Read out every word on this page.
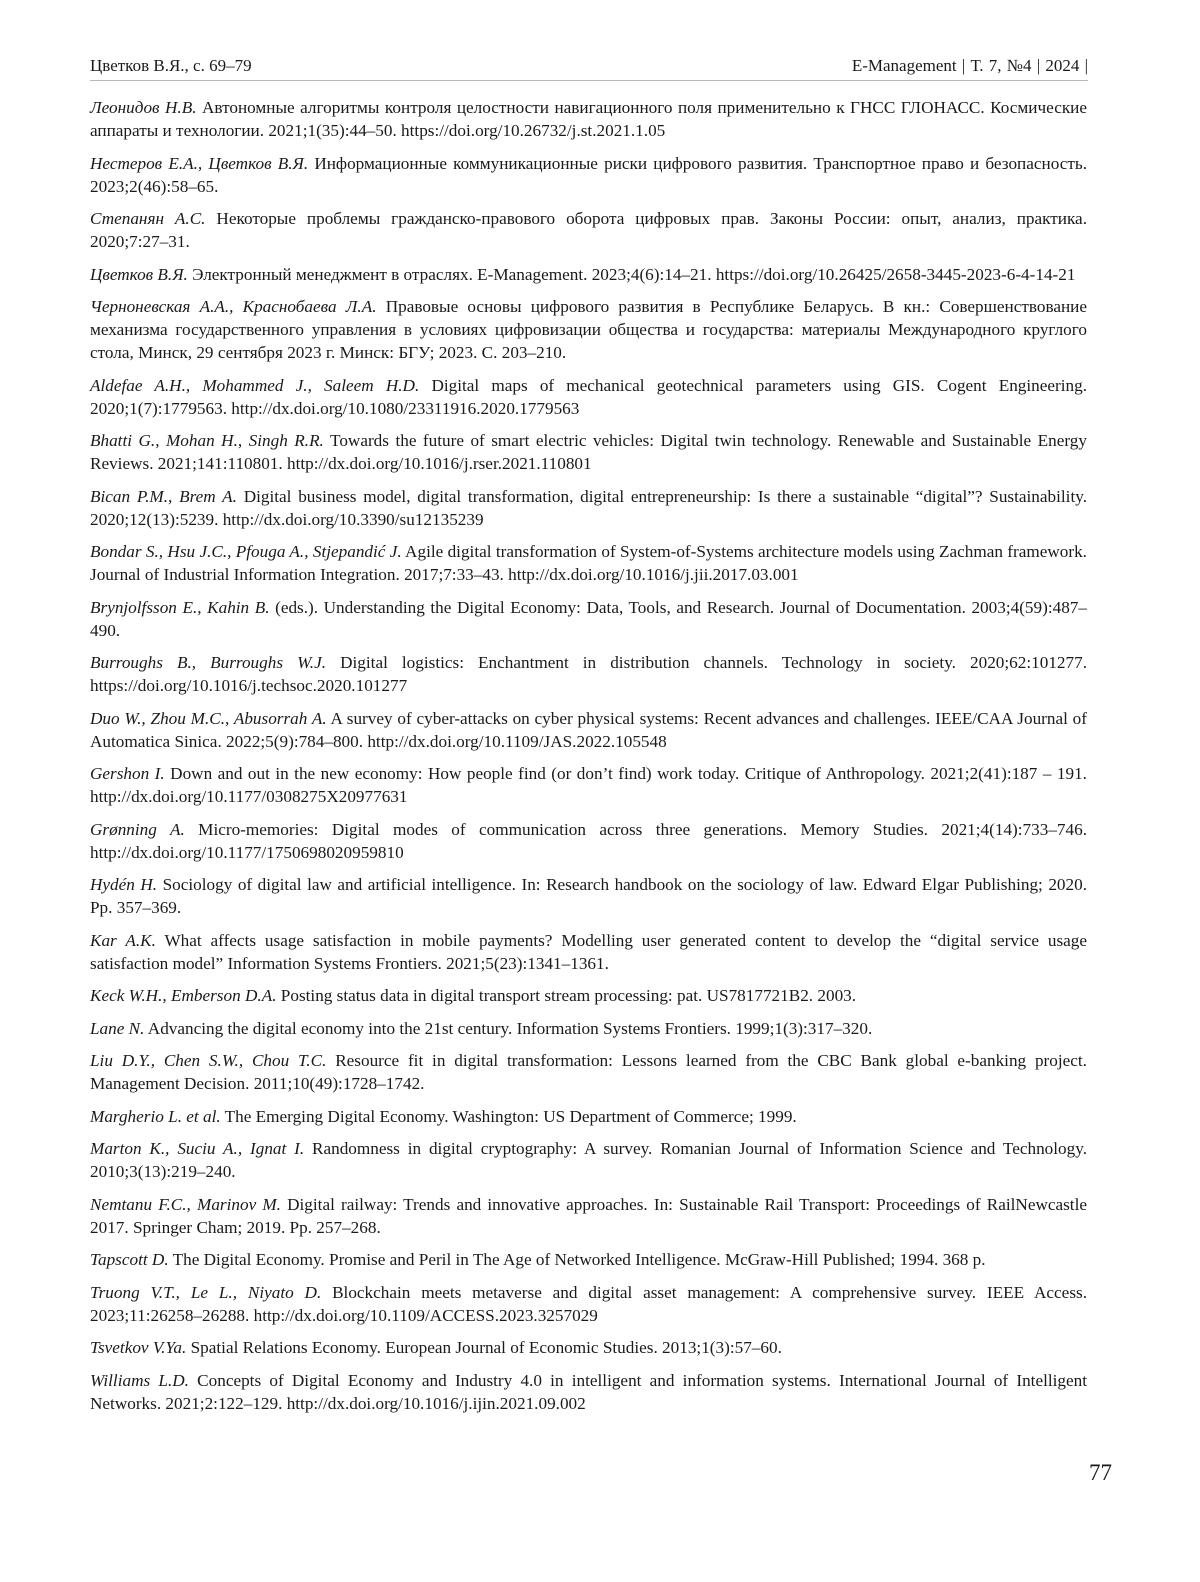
Цветков В.Я., с. 69–79	E-Management | Т. 7, №4 | 2024 |
Леонидов Н.В. Автономные алгоритмы контроля целостности навигационного поля применительно к ГНСС ГЛОНАСС. Космические аппараты и технологии. 2021;1(35):44–50. https://doi.org/10.26732/j.st.2021.1.05
Нестеров Е.А., Цветков В.Я. Информационные коммуникационные риски цифрового развития. Транспортное право и безопасность. 2023;2(46):58–65.
Степанян А.С. Некоторые проблемы гражданско-правового оборота цифровых прав. Законы России: опыт, анализ, практика. 2020;7:27–31.
Цветков В.Я. Электронный менеджмент в отраслях. E-Management. 2023;4(6):14–21. https://doi.org/10.26425/2658-3445-2023-6-4-14-21
Черноневская А.А., Краснобаева Л.А. Правовые основы цифрового развития в Республике Беларусь. В кн.: Совершенствование механизма государственного управления в условиях цифровизации общества и государства: материалы Международного круглого стола, Минск, 29 сентября 2023 г. Минск: БГУ; 2023. С. 203–210.
Aldefae A.H., Mohammed J., Saleem H.D. Digital maps of mechanical geotechnical parameters using GIS. Cogent Engineering. 2020;1(7):1779563. http://dx.doi.org/10.1080/23311916.2020.1779563
Bhatti G., Mohan H., Singh R.R. Towards the future of smart electric vehicles: Digital twin technology. Renewable and Sustainable Energy Reviews. 2021;141:110801. http://dx.doi.org/10.1016/j.rser.2021.110801
Bican P.M., Brem A. Digital business model, digital transformation, digital entrepreneurship: Is there a sustainable “digital”? Sustainability. 2020;12(13):5239. http://dx.doi.org/10.3390/su12135239
Bondar S., Hsu J.C., Pfouga A., Stjepandić J. Agile digital transformation of System-of-Systems architecture models using Zachman framework. Journal of Industrial Information Integration. 2017;7:33–43. http://dx.doi.org/10.1016/j.jii.2017.03.001
Brynjolfsson E., Kahin B. (eds.). Understanding the Digital Economy: Data, Tools, and Research. Journal of Documentation. 2003;4(59):487–490.
Burroughs B., Burroughs W.J. Digital logistics: Enchantment in distribution channels. Technology in society. 2020;62:101277. https://doi.org/10.1016/j.techsoc.2020.101277
Duo W., Zhou M.C., Abusorrah A. A survey of cyber-attacks on cyber physical systems: Recent advances and challenges. IEEE/CAA Journal of Automatica Sinica. 2022;5(9):784–800. http://dx.doi.org/10.1109/JAS.2022.105548
Gershon I. Down and out in the new economy: How people find (or don’t find) work today. Critique of Anthropology. 2021;2(41):187 – 191. http://dx.doi.org/10.1177/0308275X20977631
Grønning A. Micro-memories: Digital modes of communication across three generations. Memory Studies. 2021;4(14):733–746. http://dx.doi.org/10.1177/1750698020959810
Hydén H. Sociology of digital law and artificial intelligence. In: Research handbook on the sociology of law. Edward Elgar Publishing; 2020. Pp. 357–369.
Kar A.K. What affects usage satisfaction in mobile payments? Modelling user generated content to develop the “digital service usage satisfaction model” Information Systems Frontiers. 2021;5(23):1341–1361.
Keck W.H., Emberson D.A. Posting status data in digital transport stream processing: pat. US7817721B2. 2003.
Lane N. Advancing the digital economy into the 21st century. Information Systems Frontiers. 1999;1(3):317–320.
Liu D.Y., Chen S.W., Chou T.C. Resource fit in digital transformation: Lessons learned from the CBC Bank global e-banking project. Management Decision. 2011;10(49):1728–1742.
Margherio L. et al. The Emerging Digital Economy. Washington: US Department of Commerce; 1999.
Marton K., Suciu A., Ignat I. Randomness in digital cryptography: A survey. Romanian Journal of Information Science and Technology. 2010;3(13):219–240.
Nemtanu F.C., Marinov M. Digital railway: Trends and innovative approaches. In: Sustainable Rail Transport: Proceedings of RailNewcastle 2017. Springer Cham; 2019. Pp. 257–268.
Tapscott D. The Digital Economy. Promise and Peril in The Age of Networked Intelligence. McGraw-Hill Published; 1994. 368 p.
Truong V.T., Le L., Niyato D. Blockchain meets metaverse and digital asset management: A comprehensive survey. IEEE Access. 2023;11:26258–26288. http://dx.doi.org/10.1109/ACCESS.2023.3257029
Tsvetkov V.Ya. Spatial Relations Economy. European Journal of Economic Studies. 2013;1(3):57–60.
Williams L.D. Concepts of Digital Economy and Industry 4.0 in intelligent and information systems. International Journal of Intelligent Networks. 2021;2:122–129. http://dx.doi.org/10.1016/j.ijin.2021.09.002
77
